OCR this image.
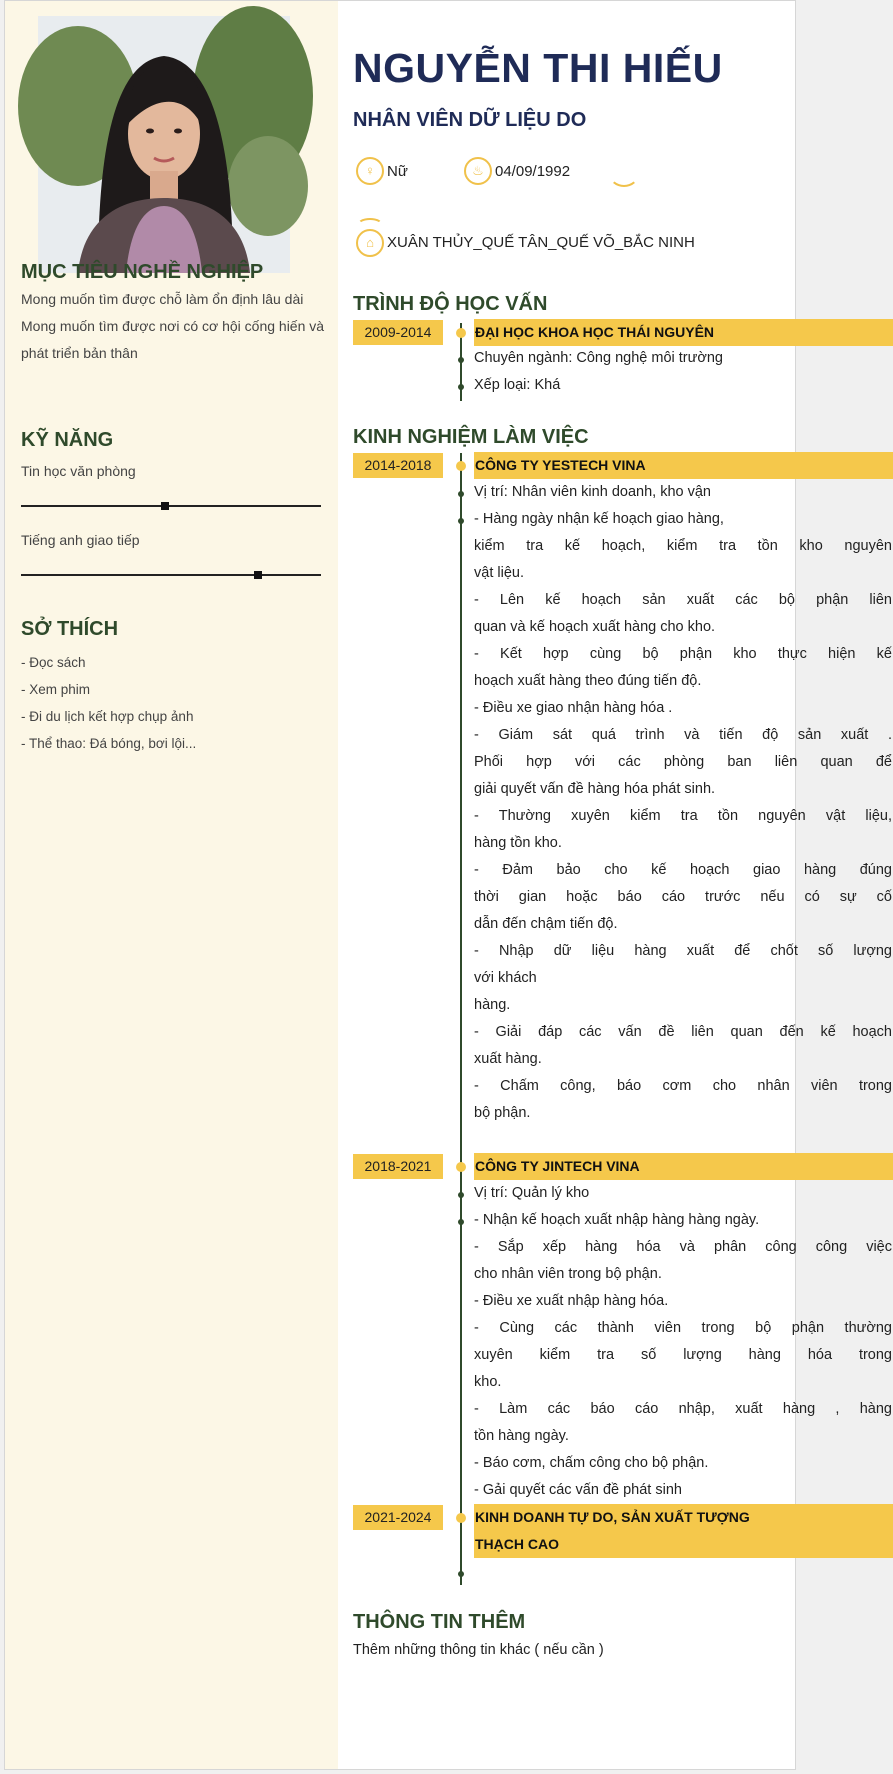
MỤC TIÊU NGHỀ NGHIỆP
Mong muốn tìm được chỗ làm ổn định lâu dài
Mong muốn tìm được nơi có cơ hội cống hiến và
phát triển bản thân
KỸ NĂNG
Tin học văn phòng
Tiếng anh giao tiếp
SỞ THÍCH
- Đọc sách
- Xem phim
- Đi du lịch kết hợp chụp ảnh
- Thể thao: Đá bóng, bơi lội...
NGUYỄN THI HIẾU
NHÂN VIÊN DỮ LIỆU DO
♀ Nữ	♨ 04/09/1992
⌂ XUÂN THỦY_QUẾ TÂN_QUẾ VÕ_BẮC NINH
TRÌNH ĐỘ HỌC VẤN
2009-2014	ĐẠI HỌC KHOA HỌC THÁI NGUYÊN
Chuyên ngành: Công nghệ môi trường
Xếp loại: Khá
KINH NGHIỆM LÀM VIỆC
2014-2018	CÔNG TY YESTECH VINA
Vị trí: Nhân viên kinh doanh, kho vận
- Hàng ngày nhận kế hoạch giao hàng,
kiểm tra kế hoạch, kiểm tra tồn kho nguyên
vật liệu.
- Lên kế hoạch sản xuất các bộ phận liên
quan và kế hoạch xuất hàng cho kho.
- Kết hợp cùng bộ phận kho thực hiện kế
hoạch xuất hàng theo đúng tiến độ.
- Điều xe giao nhận hàng hóa .
- Giám sát quá trình và tiến độ sản xuất .
Phối hợp với các phòng ban liên quan để
giải quyết vấn đề hàng hóa phát sinh.
- Thường xuyên kiểm tra tồn nguyên vật liệu,
hàng tồn kho.
- Đảm bảo cho kế hoạch giao hàng đúng
thời gian hoặc báo cáo trước nếu có sự cố
dẫn đến chậm tiến độ.
- Nhập dữ liệu hàng xuất để chốt số lượng
với khách
hàng.
- Giải đáp các vấn đề liên quan đến kế hoạch
xuất hàng.
- Chấm công, báo cơm cho nhân viên trong
bộ phận.
2018-2021	CÔNG TY JINTECH VINA
Vị trí: Quản lý kho
- Nhận kế hoạch xuất nhập hàng hàng ngày.
- Sắp xếp hàng hóa và phân công công việc
cho nhân viên trong bộ phận.
- Điều xe xuất nhập hàng hóa.
- Cùng các thành viên trong bộ phận thường
xuyên kiểm tra số lượng hàng hóa trong
kho.
- Làm các báo cáo nhập, xuất hàng , hàng
tồn hàng ngày.
- Báo cơm, chấm công cho bộ phận.
- Gải quyết các vấn đề phát sinh
2021-2024	KINH DOANH TỰ DO, SẢN XUẤT TƯỢNG
THẠCH CAO
THÔNG TIN THÊM
Thêm những thông tin khác ( nếu cần )
